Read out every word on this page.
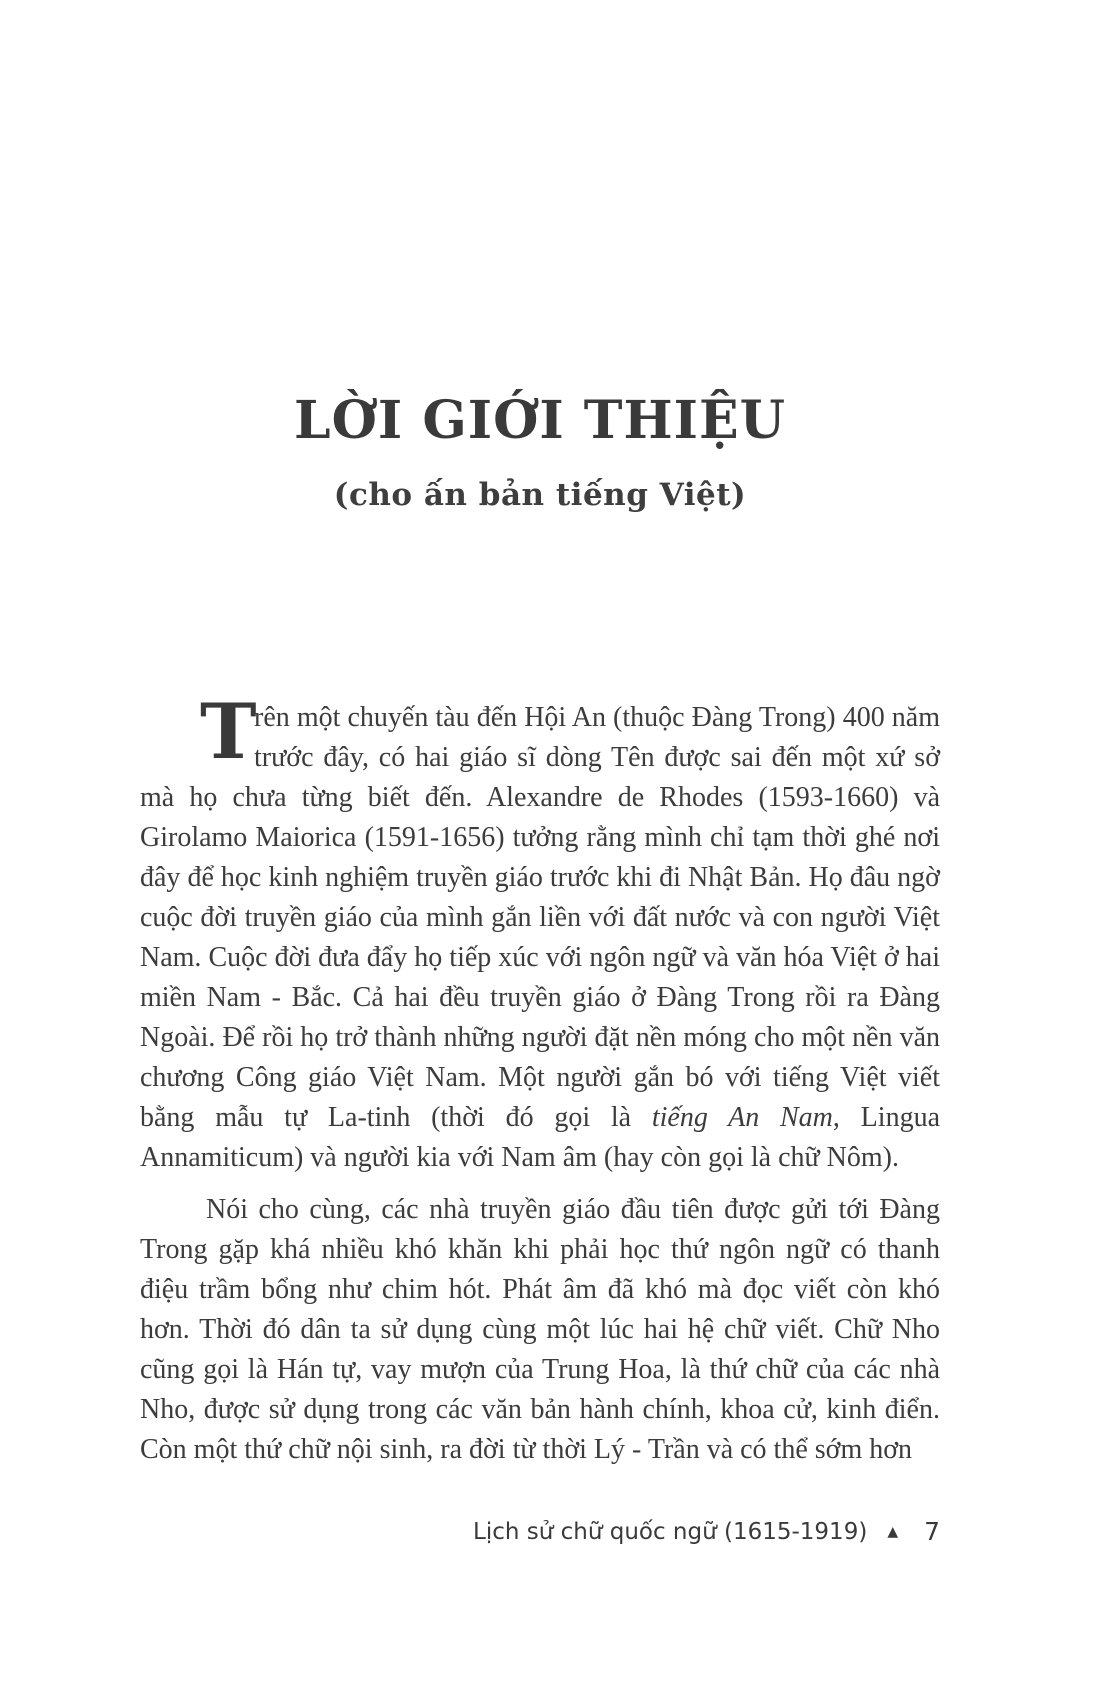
LỜI GIỚI THIỆU
(cho ấn bản tiếng Việt)

T
rên một chuyến tàu đến Hội An (thuộc Đàng Trong) 400 năm trước đây, có hai giáo sĩ dòng Tên được sai đến một xứ sở mà họ chưa từng biết đến. Alexandre de Rhodes (1593-1660) và Girolamo Maiorica (1591-1656) tưởng rằng mình chỉ tạm thời ghé nơi đây để học kinh nghiệm truyền giáo trước khi đi Nhật Bản. Họ đâu ngờ cuộc đời truyền giáo của mình gắn liền với đất nước và con người Việt Nam. Cuộc đời đưa đẩy họ tiếp xúc với ngôn ngữ và văn hóa Việt ở hai miền Nam - Bắc. Cả hai đều truyền giáo ở Đàng Trong rồi ra Đàng Ngoài. Để rồi họ trở thành những người đặt nền móng cho một nền văn chương Công giáo Việt Nam. Một người gắn bó với tiếng Việt viết bằng mẫu tự La-tinh (thời đó gọi là tiếng An Nam, Lingua Annamiticum) và người kia với Nam âm (hay còn gọi là chữ Nôm).

Nói cho cùng, các nhà truyền giáo đầu tiên được gửi tới Đàng Trong gặp khá nhiều khó khăn khi phải học thứ ngôn ngữ có thanh điệu trầm bổng như chim hót. Phát âm đã khó mà đọc viết còn khó hơn. Thời đó dân ta sử dụng cùng một lúc hai hệ chữ viết. Chữ Nho cũng gọi là Hán tự, vay mượn của Trung Hoa, là thứ chữ của các nhà Nho, được sử dụng trong các văn bản hành chính, khoa cử, kinh điển. Còn một thứ chữ nội sinh, ra đời từ thời Lý - Trần và có thể sớm hơn

Lịch sử chữ quốc ngữ (1615-1919) ▲ 7
